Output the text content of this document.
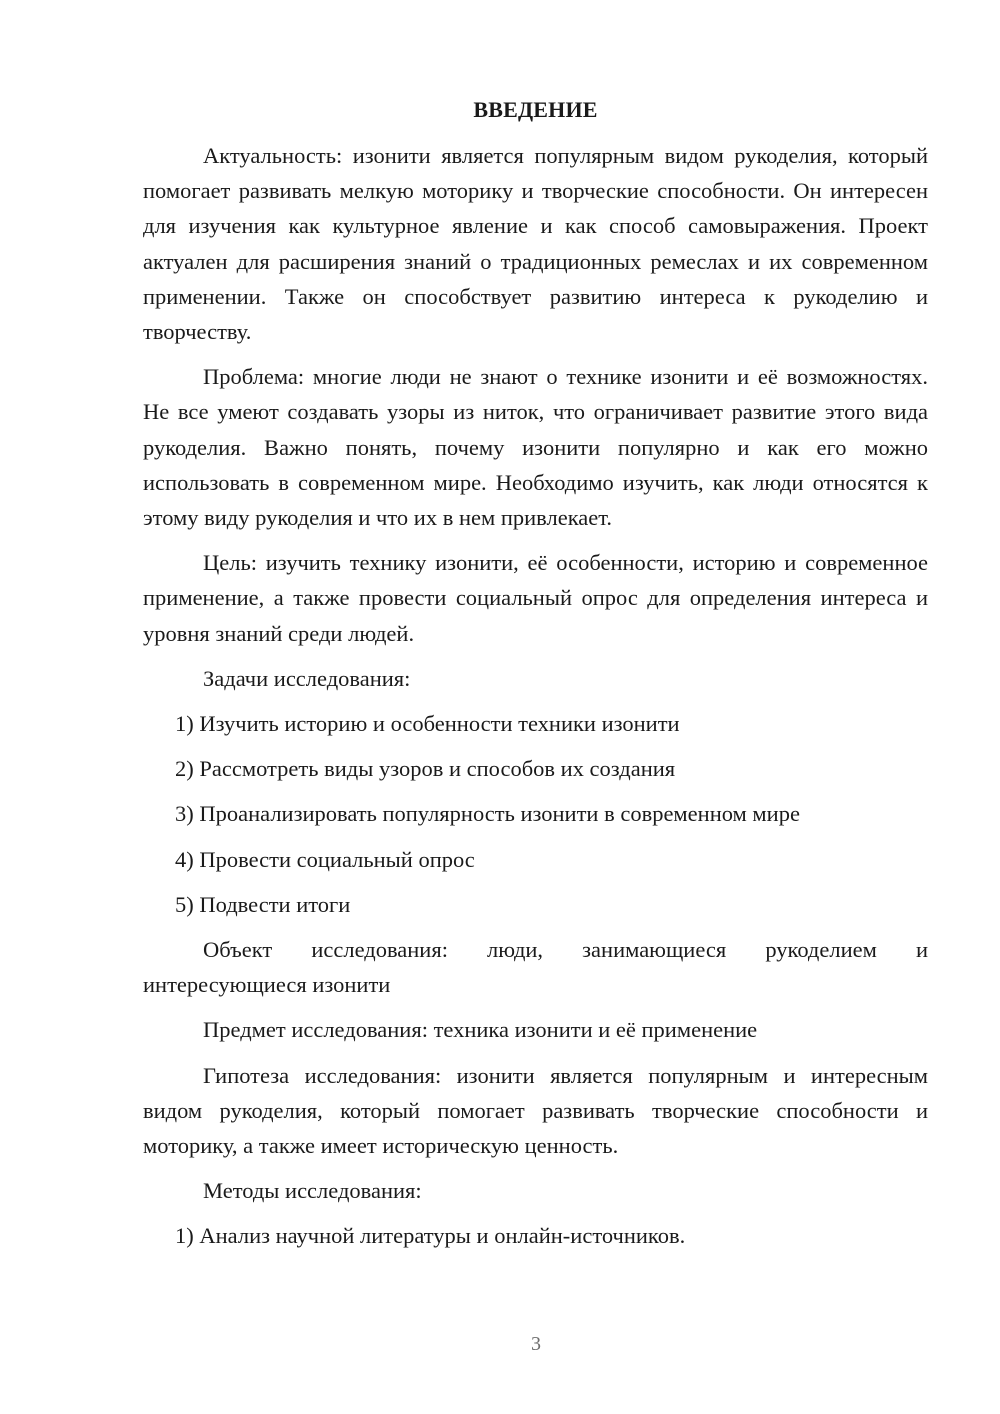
ВВЕДЕНИЕ

Актуальность: изонити является популярным видом рукоделия, который помогает развивать мелкую моторику и творческие способности. Он интересен для изучения как культурное явление и как способ самовыражения. Проект актуален для расширения знаний о традиционных ремеслах и их современном применении. Также он способствует развитию интереса к рукоделию и творчеству.

Проблема: многие люди не знают о технике изонити и её возможностях. Не все умеют создавать узоры из ниток, что ограничивает развитие этого вида рукоделия. Важно понять, почему изонити популярно и как его можно использовать в современном мире. Необходимо изучить, как люди относятся к этому виду рукоделия и что их в нем привлекает.

Цель: изучить технику изонити, её особенности, историю и современное применение, а также провести социальный опрос для определения интереса и уровня знаний среди людей.

Задачи исследования:

1) Изучить историю и особенности техники изонити
2) Рассмотреть виды узоров и способов их создания
3) Проанализировать популярность изонити в современном мире
4) Провести социальный опрос
5) Подвести итоги

Объект исследования: люди, занимающиеся рукоделием и интересующиеся изонити

Предмет исследования: техника изонити и её применение

Гипотеза исследования: изонити является популярным и интересным видом рукоделия, который помогает развивать творческие способности и моторику, а также имеет историческую ценность.

Методы исследования:

1) Анализ научной литературы и онлайн-источников.
3
